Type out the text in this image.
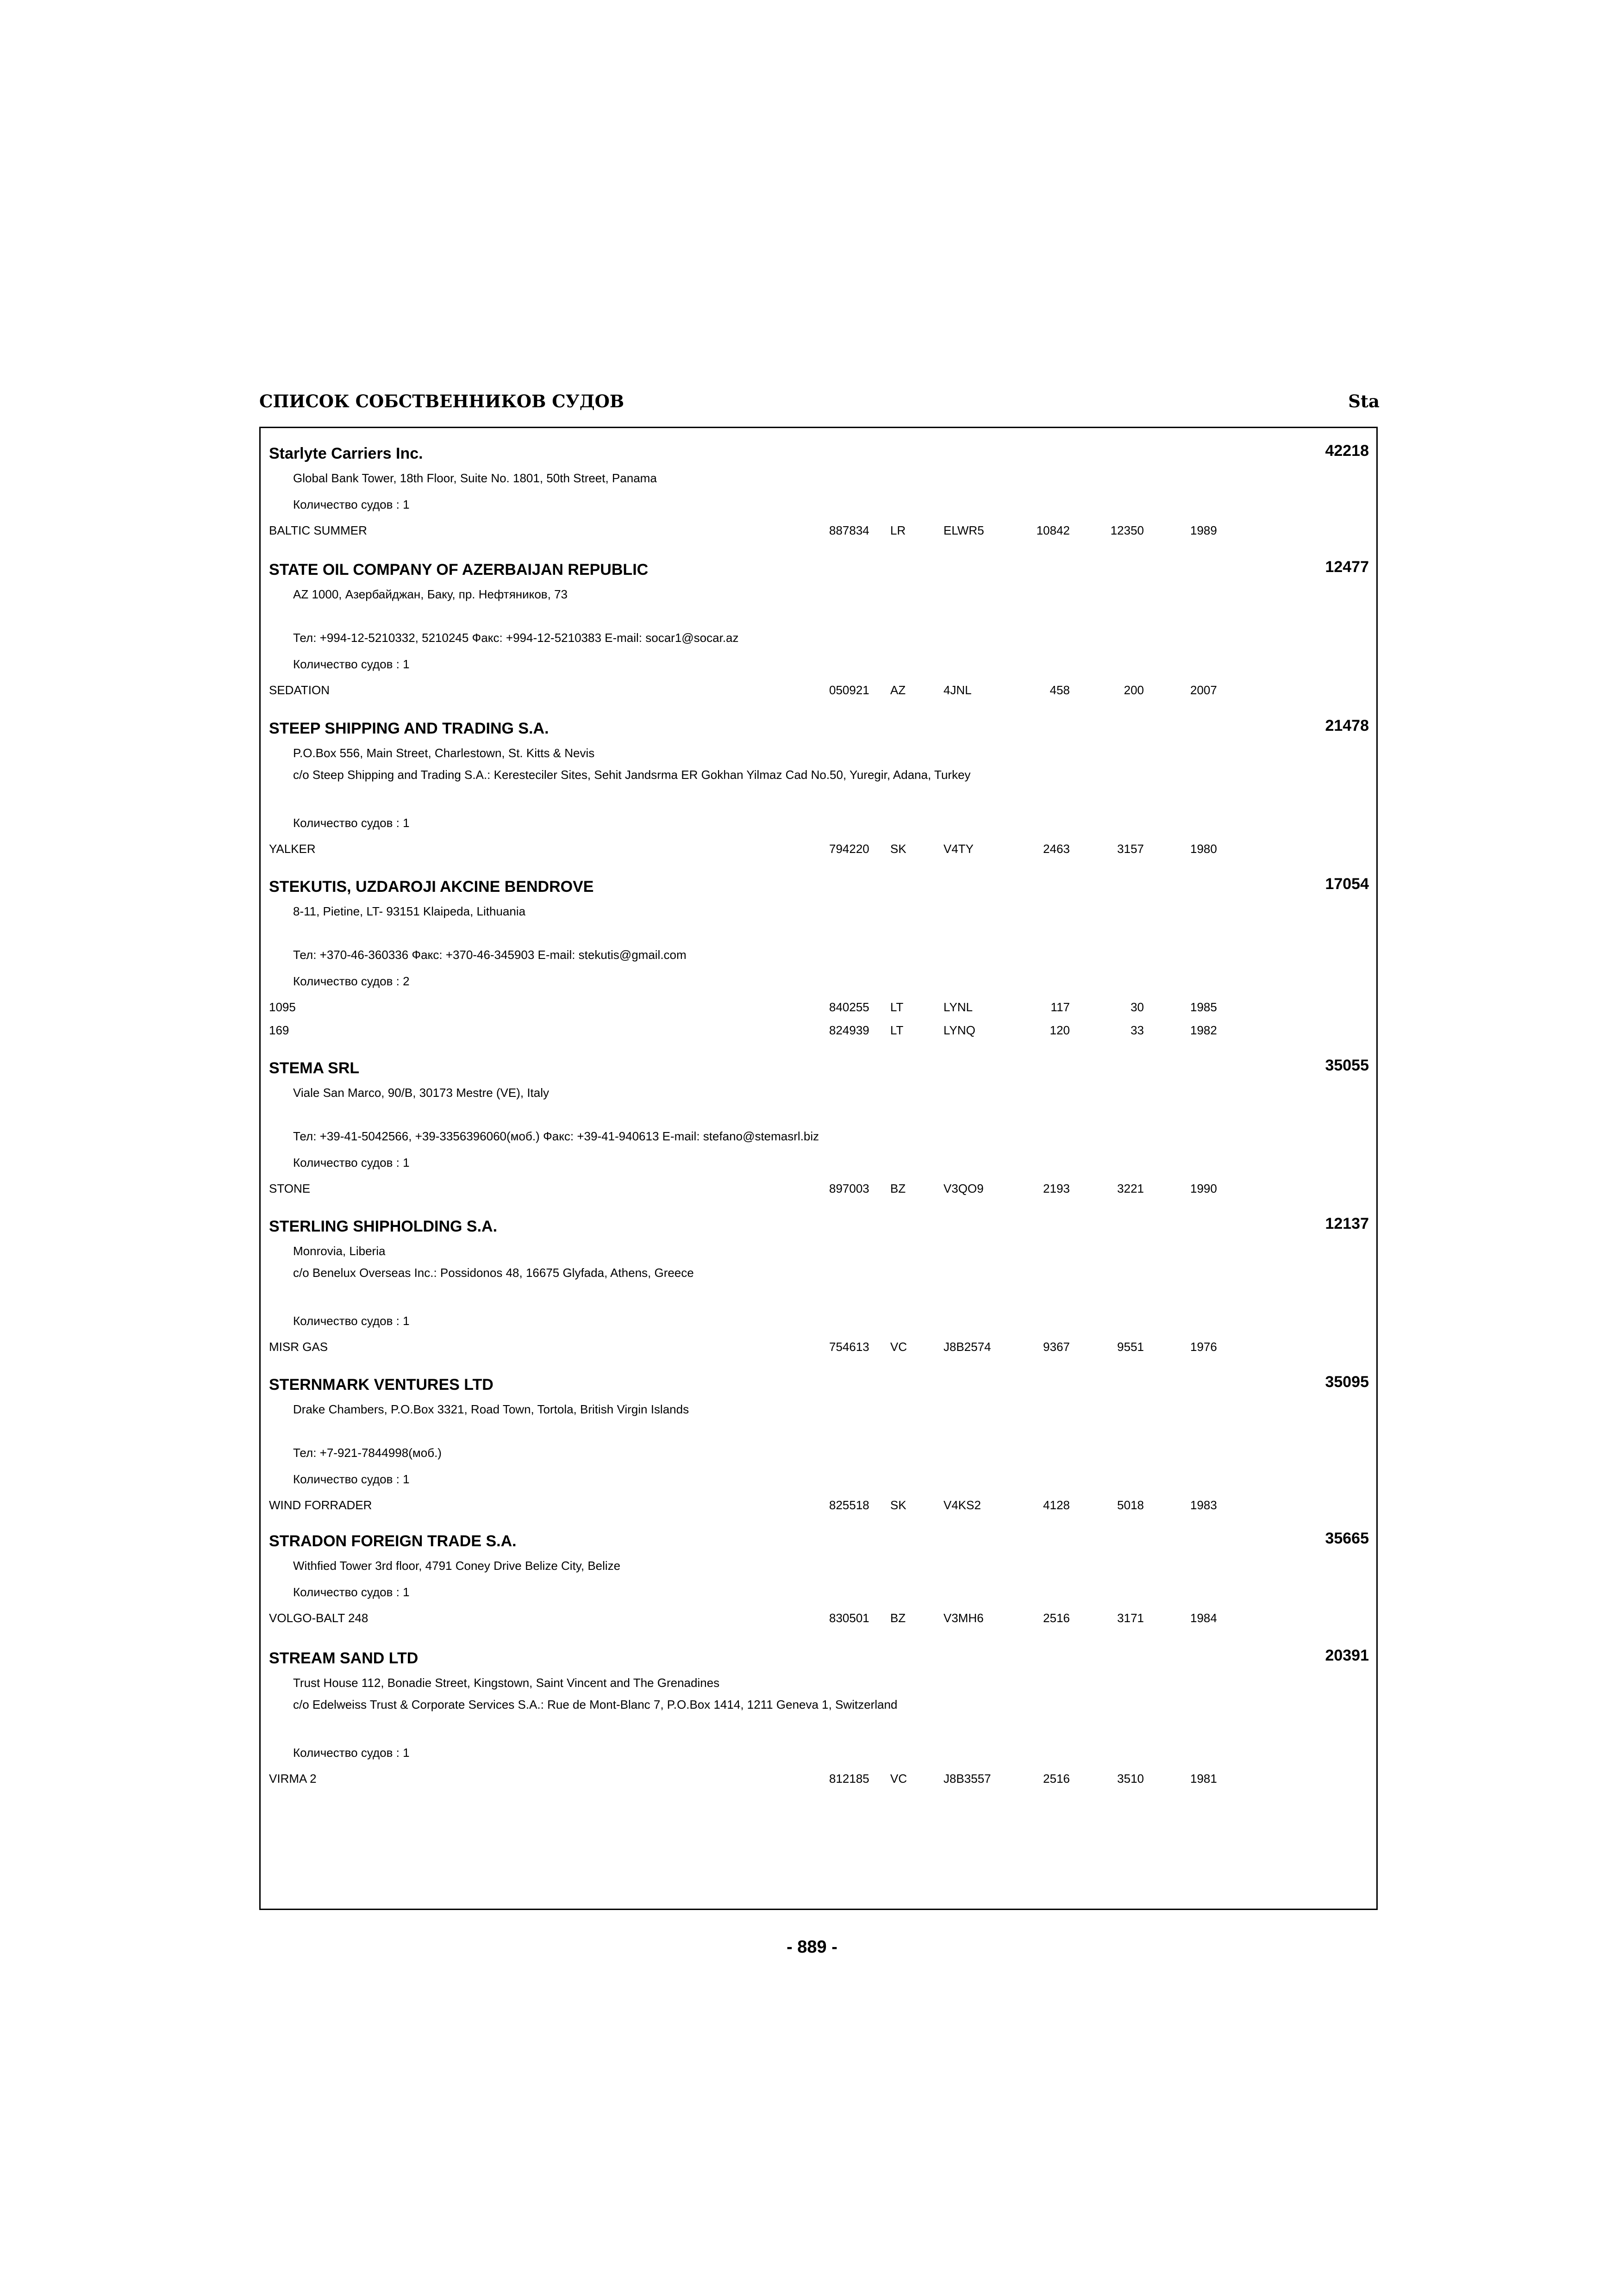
СПИСОК СОБСТВЕННИКОВ СУДОВ	Sta
Starlyte Carriers Inc.	42218
Global Bank Tower, 18th Floor, Suite No. 1801, 50th Street, Panama
Количество судов : 1
BALTIC SUMMER	887834 LR	ELWR5	10842	12350	1989
STATE OIL COMPANY OF AZERBAIJAN REPUBLIC	12477
AZ 1000, Азербайджан, Баку, пр. Нефтяников, 73
Тел: +994-12-5210332, 5210245 Факс: +994-12-5210383 E-mail: socar1@socar.az
Количество судов : 1
SEDATION	050921 AZ	4JNL	458	200	2007
STEEP SHIPPING AND TRADING S.A.	21478
P.O.Box 556, Main Street, Charlestown, St. Kitts & Nevis
c/o Steep Shipping and Trading S.A.: Keresteciler Sites, Sehit Jandsrma ER Gokhan Yilmaz Cad No.50, Yuregir, Adana, Turkey
Количество судов : 1
YALKER	794220 SK	V4TY	2463	3157	1980
STEKUTIS, UZDAROJI AKCINE BENDROVE	17054
8-11, Pietine, LT- 93151 Klaipeda, Lithuania
Тел: +370-46-360336 Факс: +370-46-345903 E-mail: stekutis@gmail.com
Количество судов : 2
1095	840255 LT	LYNL	117	30	1985
169	824939 LT	LYNQ	120	33	1982
STEMA SRL	35055
Viale San Marco, 90/B, 30173 Mestre (VE), Italy
Тел: +39-41-5042566, +39-3356396060(моб.) Факс: +39-41-940613 E-mail: stefano@stemasrl.biz
Количество судов : 1
STONE	897003 BZ	V3QO9	2193	3221	1990
STERLING SHIPHOLDING S.A.	12137
Monrovia, Liberia
c/o Benelux Overseas Inc.: Possidonos 48, 16675 Glyfada, Athens, Greece
Количество судов : 1
MISR GAS	754613 VC	J8B2574	9367	9551	1976
STERNMARK VENTURES LTD	35095
Drake Chambers, P.O.Box 3321, Road Town, Tortola, British Virgin Islands
Тел: +7-921-7844998(моб.)
Количество судов : 1
WIND FORRADER	825518 SK	V4KS2	4128	5018	1983
STRADON FOREIGN TRADE S.A.	35665
Withfied Tower 3rd floor, 4791 Coney Drive Belize City, Belize
Количество судов : 1
VOLGO-BALT 248	830501 BZ	V3MH6	2516	3171	1984
STREAM SAND LTD	20391
Trust House 112, Bonadie Street, Kingstown, Saint Vincent and The Grenadines
c/o Edelweiss Trust & Corporate Services S.A.: Rue de Mont-Blanc 7, P.O.Box 1414, 1211 Geneva 1, Switzerland
Количество судов : 1
VIRMA 2	812185 VC	J8B3557	2516	3510	1981
- 889 -
